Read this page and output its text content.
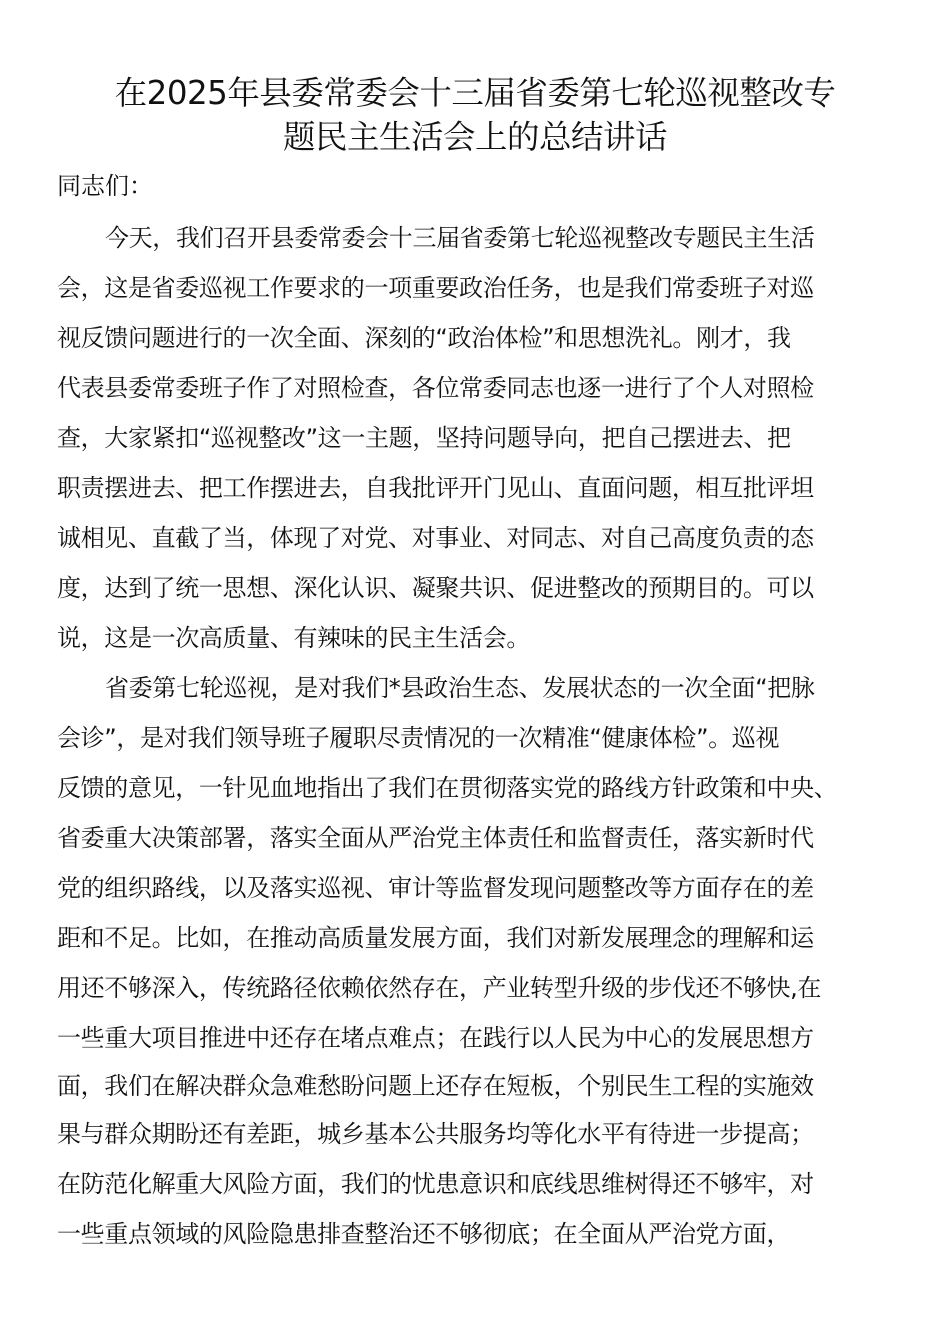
在2025年县委常委会十三届省委第七轮巡视整改专
题民主生活会上的总结讲话
同志们：
今天，我们召开县委常委会十三届省委第七轮巡视整改专题民主生活
会，这是省委巡视工作要求的一项重要政治任务，也是我们常委班子对巡
视反馈问题进行的一次全面、深刻的“政治体检”和思想洗礼。刚才，我
代表县委常委班子作了对照检查，各位常委同志也逐一进行了个人对照检
查，大家紧扣“巡视整改”这一主题，坚持问题导向，把自己摆进去、把
职责摆进去、把工作摆进去，自我批评开门见山、直面问题，相互批评坦
诚相见、直截了当，体现了对党、对事业、对同志、对自己高度负责的态
度，达到了统一思想、深化认识、凝聚共识、促进整改的预期目的。可以
说，这是一次高质量、有辣味的民主生活会。
省委第七轮巡视，是对我们*县政治生态、发展状态的一次全面“把脉
会诊”，是对我们领导班子履职尽责情况的一次精准“健康体检”。巡视
反馈的意见，一针见血地指出了我们在贯彻落实党的路线方针政策和中央、
省委重大决策部署，落实全面从严治党主体责任和监督责任，落实新时代
党的组织路线，以及落实巡视、审计等监督发现问题整改等方面存在的差
距和不足。比如，在推动高质量发展方面，我们对新发展理念的理解和运
用还不够深入，传统路径依赖依然存在，产业转型升级的步伐还不够快,在
一些重大项目推进中还存在堵点难点；在践行以人民为中心的发展思想方
面，我们在解决群众急难愁盼问题上还存在短板，个别民生工程的实施效
果与群众期盼还有差距，城乡基本公共服务均等化水平有待进一步提高；
在防范化解重大风险方面，我们的忧患意识和底线思维树得还不够牢，对
一些重点领域的风险隐患排查整治还不够彻底；在全面从严治党方面，
